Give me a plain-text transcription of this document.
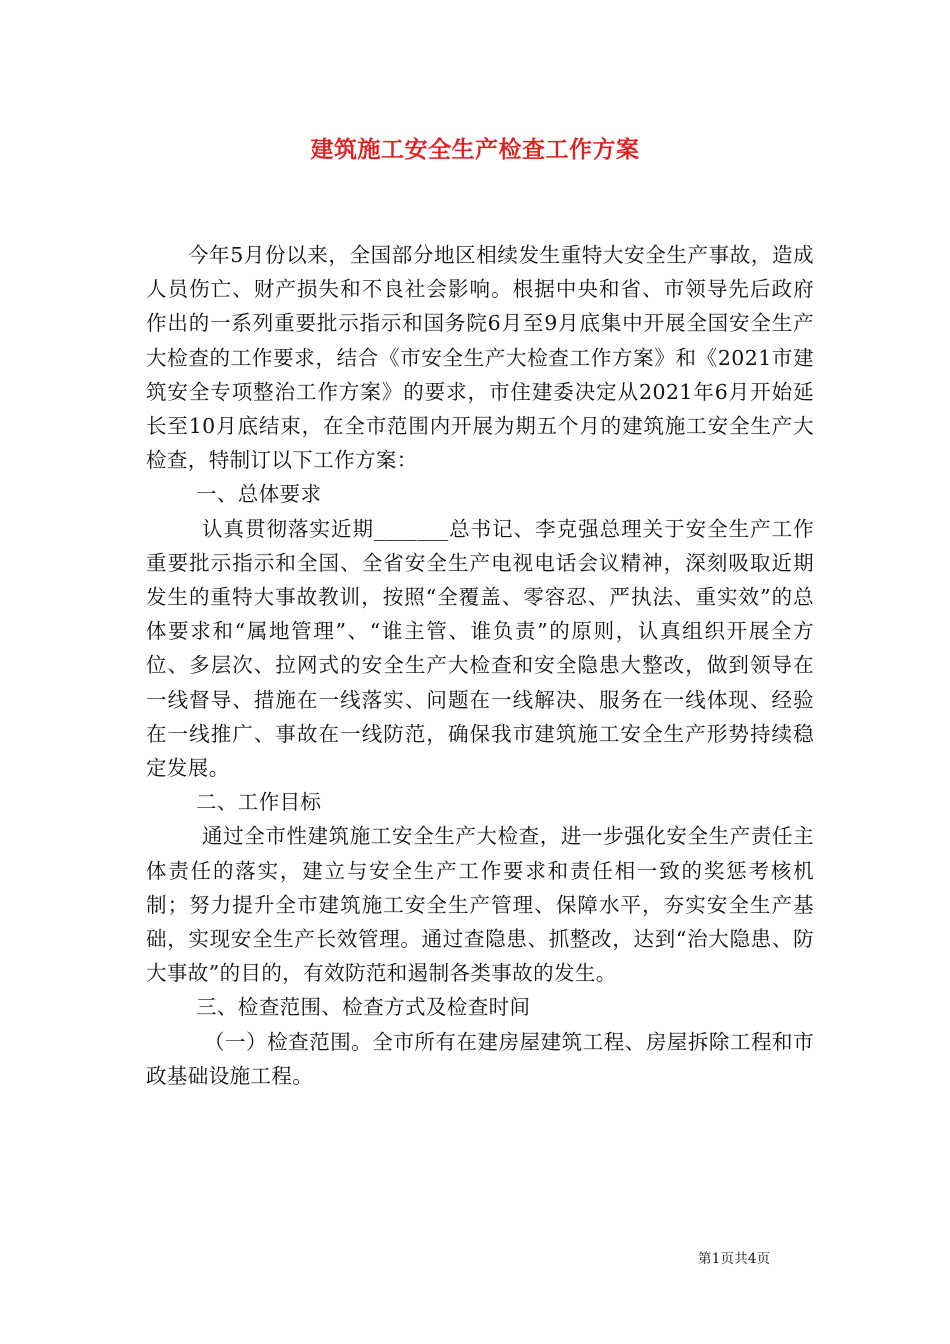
建筑施工安全生产检查工作方案

今年5月份以来，全国部分地区相续发生重特大安全生产事故，造成人员伤亡、财产损失和不良社会影响。根据中央和省、市领导先后政府作出的一系列重要批示指示和国务院6月至9月底集中开展全国安全生产大检查的工作要求，结合《市安全生产大检查工作方案》和《2021市建筑安全专项整治工作方案》的要求，市住建委决定从2021年6月开始延长至10月底结束，在全市范围内开展为期五个月的建筑施工安全生产大检查，特制订以下工作方案：

一、总体要求

认真贯彻落实近期_______总书记、李克强总理关于安全生产工作重要批示指示和全国、全省安全生产电视电话会议精神，深刻吸取近期发生的重特大事故教训，按照“全覆盖、零容忍、严执法、重实效”的总体要求和“属地管理”、“谁主管、谁负责”的原则，认真组织开展全方位、多层次、拉网式的安全生产大检查和安全隐患大整改，做到领导在一线督导、措施在一线落实、问题在一线解决、服务在一线体现、经验在一线推广、事故在一线防范，确保我市建筑施工安全生产形势持续稳定发展。

二、工作目标

通过全市性建筑施工安全生产大检查，进一步强化安全生产责任主体责任的落实，建立与安全生产工作要求和责任相一致的奖惩考核机制；努力提升全市建筑施工安全生产管理、保障水平，夯实安全生产基础，实现安全生产长效管理。通过查隐患、抓整改，达到“治大隐患、防大事故”的目的，有效防范和遏制各类事故的发生。

三、检查范围、检查方式及检查时间

（一）检查范围。全市所有在建房屋建筑工程、房屋拆除工程和市政基础设施工程。

第1页共4页
